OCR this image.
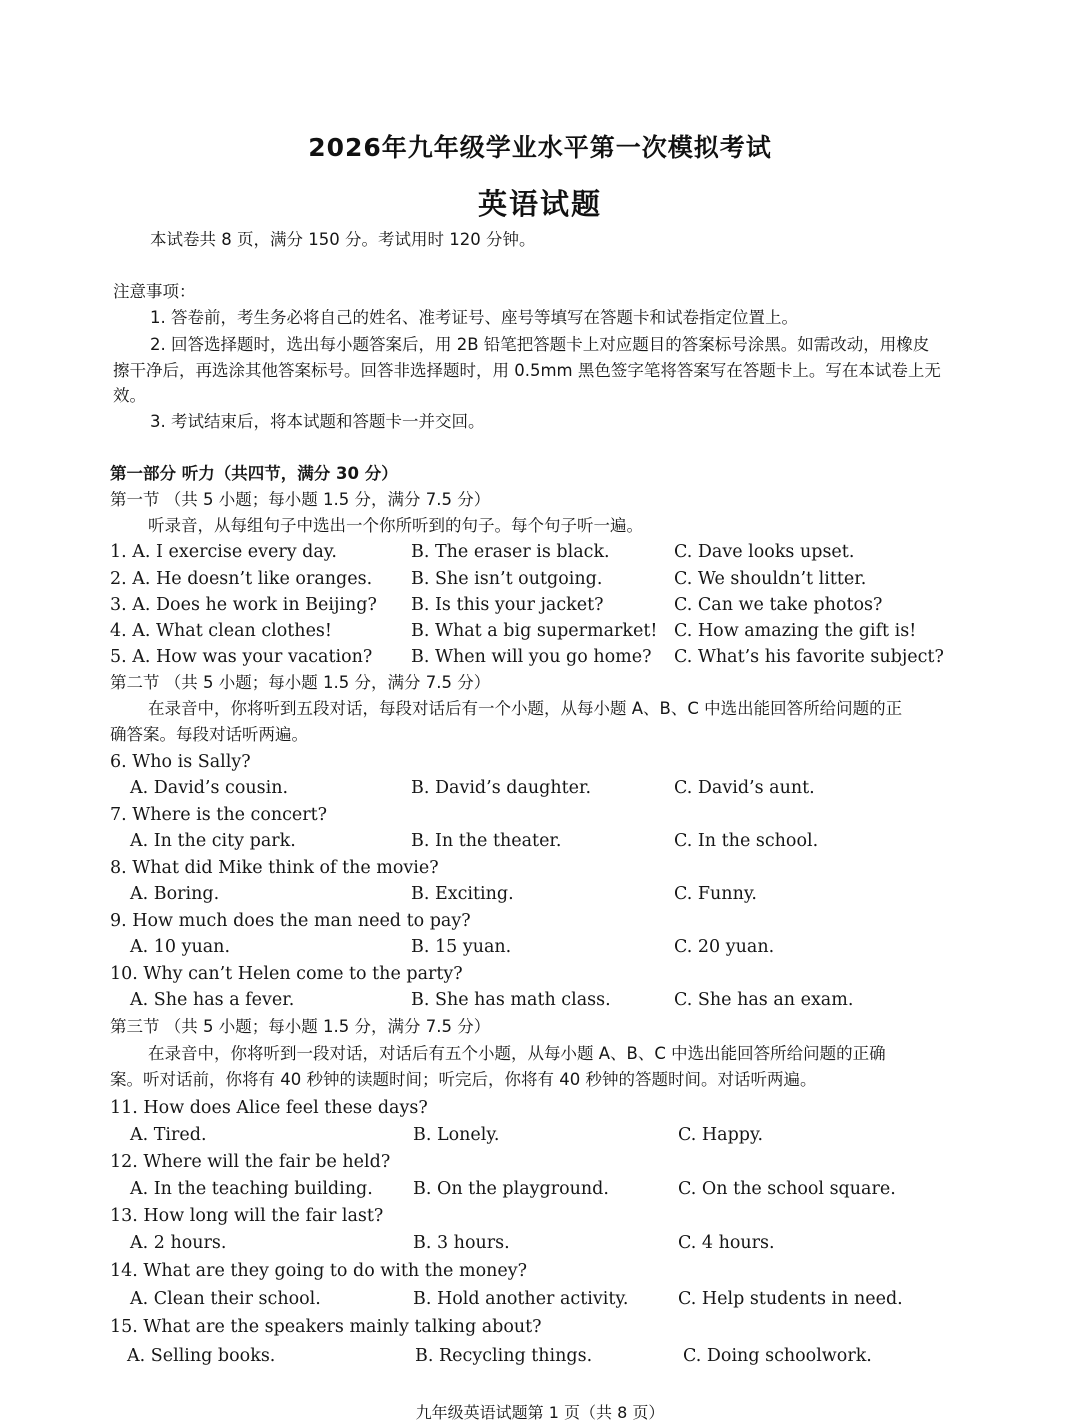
2026年九年级学业水平第一次模拟考试
英语试题
本试卷共 8 页，满分 150 分。考试用时 120 分钟。
注意事项：
1. 答卷前，考生务必将自己的姓名、准考证号、座号等填写在答题卡和试卷指定位置上。
2. 回答选择题时，选出每小题答案后，用 2B 铅笔把答题卡上对应题目的答案标号涂黑。如需改动，用橡皮
擦干净后，再选涂其他答案标号。回答非选择题时，用 0.5mm 黑色签字笔将答案写在答题卡上。写在本试卷上无
效。
3. 考试结束后，将本试题和答题卡一并交回。
第一部分 听力（共四节，满分 30 分）
第一节 （共 5 小题；每小题 1.5 分，满分 7.5 分）
听录音，从每组句子中选出一个你所听到的句子。每个句子听一遍。
1. A. I exercise every day.	B. The eraser is black.	C. Dave looks upset.
2. A. He doesn’t like oranges. B. She isn’t outgoing.	C. We shouldn’t litter.
3. A. Does he work in Beijing? B. Is this your jacket?	C. Can we take photos?
4. A. What clean clothes!	B. What a big supermarket! C. How amazing the gift is!
5. A. How was your vacation? B. When will you go home? C. What’s his favorite subject?
第二节 （共 5 小题；每小题 1.5 分，满分 7.5 分）
在录音中，你将听到五段对话，每段对话后有一个小题，从每小题 A、B、C 中选出能回答所给问题的正
确答案。每段对话听两遍。
6. Who is Sally?
A. David’s cousin.	B. David’s daughter.	C. David’s aunt.
7. Where is the concert?
A. In the city park.	B. In the theater.	C. In the school.
8. What did Mike think of the movie?
A. Boring.	B. Exciting.	C. Funny.
9. How much does the man need to pay?
A. 10 yuan.	B. 15 yuan.	C. 20 yuan.
10. Why can’t Helen come to the party?
A. She has a fever.	B. She has math class.	C. She has an exam.
第三节 （共 5 小题；每小题 1.5 分，满分 7.5 分）
在录音中，你将听到一段对话，对话后有五个小题，从每小题 A、B、C 中选出能回答所给问题的正确
案。听对话前，你将有 40 秒钟的读题时间；听完后，你将有 40 秒钟的答题时间。对话听两遍。
11. How does Alice feel these days?
A. Tired.	B. Lonely.	C. Happy.
12. Where will the fair be held?
A. In the teaching building. B. On the playground.	C. On the school square.
13. How long will the fair last?
A. 2 hours.	B. 3 hours.	C. 4 hours.
14. What are they going to do with the money?
A. Clean their school.	B. Hold another activity.	C. Help students in need.
15. What are the speakers mainly talking about?
A. Selling books.	B. Recycling things.	C. Doing schoolwork.
九年级英语试题第 1 页（共 8 页）
